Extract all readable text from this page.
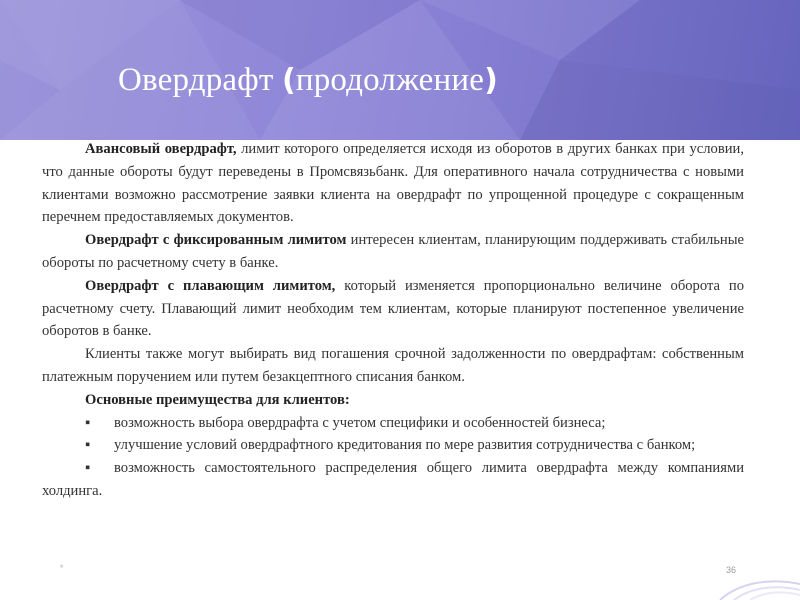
Овердрафт (продолжение)

Авансовый овердрафт, лимит которого определяется исходя из оборотов в других банках при условии, что данные обороты будут переведены в Промсвязьбанк. Для оперативного начала сотрудничества с новыми клиентами возможно рассмотрение заявки клиента на овердрафт по упрощенной процедуре с сокращенным перечнем предоставляемых документов.

Овердрафт с фиксированным лимитом интересен клиентам, планирующим поддерживать стабильные обороты по расчетному счету в банке.

Овердрафт с плавающим лимитом, который изменяется пропорционально величине оборота по расчетному счету. Плавающий лимит необходим тем клиентам, которые планируют постепенное увеличение оборотов в банке.

Клиенты также могут выбирать вид погашения срочной задолженности по овердрафтам: собственным платежным поручением или путем безакцептного списания банком.

Основные преимущества для клиентов:

▪ возможность выбора овердрафта с учетом специфики и особенностей бизнеса;

▪ улучшение условий овердрафтного кредитования по мере развития сотрудничества с банком;

▪ возможность самостоятельного распределения общего лимита овердрафта между компаниями холдинга.

*	36
